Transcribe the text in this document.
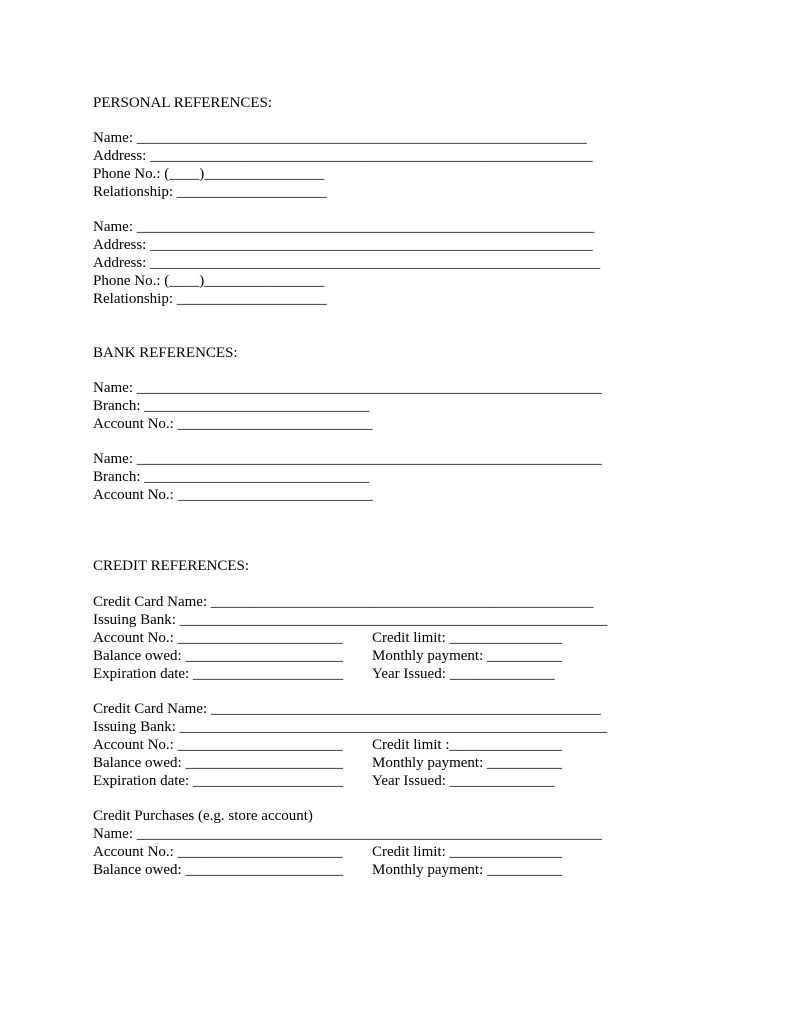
PERSONAL REFERENCES:
Name: ____________________________________________________________
Address: ___________________________________________________________
Phone No.: (____)________________
Relationship: ____________________
Name: _____________________________________________________________
Address: ___________________________________________________________
Address: ____________________________________________________________
Phone No.: (____)________________
Relationship: ____________________
BANK REFERENCES:
Name: ______________________________________________________________
Branch: ______________________________
Account No.: __________________________
Name: ______________________________________________________________
Branch: ______________________________
Account No.: __________________________
CREDIT REFERENCES:
Credit Card Name: ___________________________________________________
Issuing Bank: _________________________________________________________
Account No.: ______________________ Credit limit: _______________
Balance owed: _____________________ Monthly payment: __________
Expiration date: ____________________ Year Issued: ______________
Credit Card Name: ____________________________________________________
Issuing Bank: _________________________________________________________
Account No.: ______________________ Credit limit :_______________
Balance owed: _____________________ Monthly payment: __________
Expiration date: ____________________ Year Issued: ______________
Credit Purchases (e.g. store account)
Name: ______________________________________________________________
Account No.: ______________________ Credit limit: _______________
Balance owed: _____________________ Monthly payment: __________
